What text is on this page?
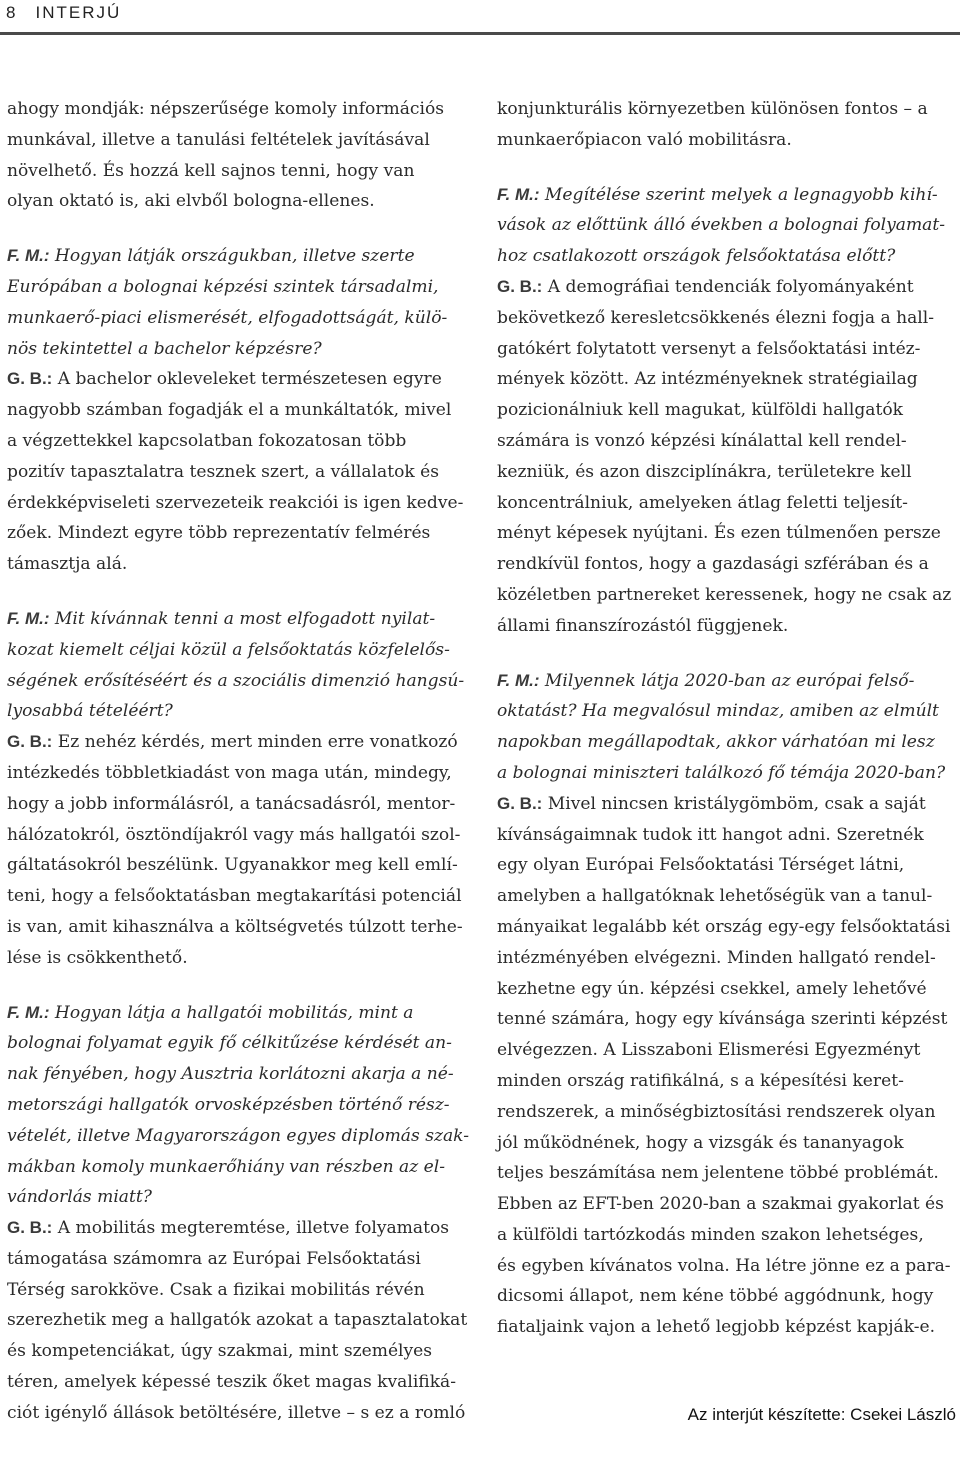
8 INTERJÚ
ahogy mondják: népszerűsége komoly információs
munkával, illetve a tanulási feltételek javításával
növelhető. És hozzá kell sajnos tenni, hogy van
olyan oktató is, aki elvből bologna-ellenes.
F. M.: Hogyan látják országukban, illetve szerte
Európában a bolognai képzési szintek társadalmi,
munkaerő-piaci elismerését, elfogadottságát, külö-
nös tekintettel a bachelor képzésre?
G. B.: A bachelor okleveleket természetesen egyre
nagyobb számban fogadják el a munkáltatók, mivel
a végzettekkel kapcsolatban fokozatosan több
pozitív tapasztalatra tesznek szert, a vállalatok és
érdekképviseleti szervezeteik reakciói is igen kedve-
zőek. Mindezt egyre több reprezentatív felmérés
támasztja alá.
F. M.: Mit kívánnak tenni a most elfogadott nyilat-
kozat kiemelt céljai közül a felsőoktatás közfelelős-
ségének erősítéséért és a szociális dimenzió hangsú-
lyosabbá tételéért?
G. B.: Ez nehéz kérdés, mert minden erre vonatkozó
intézkedés többletkiadást von maga után, mindegy,
hogy a jobb informálásról, a tanácsadásról, mentor-
hálózatokról, ösztöndíjakról vagy más hallgatói szol-
gáltatásokról beszélünk. Ugyanakkor meg kell emlí-
teni, hogy a felsőoktatásban megtakarítási potenciál
is van, amit kihasználva a költségvetés túlzott terhe-
lése is csökkenthető.
F. M.: Hogyan látja a hallgatói mobilitás, mint a
bolognai folyamat egyik fő célkitűzése kérdését an-
nak fényében, hogy Ausztria korlátozni akarja a né-
metországi hallgatók orvosképzésben történő rész-
vételét, illetve Magyarországon egyes diplomás szak-
mákban komoly munkaerőhiány van részben az el-
vándorlás miatt?
G. B.: A mobilitás megteremtése, illetve folyamatos
támogatása számomra az Európai Felsőoktatási
Térség sarokköve. Csak a fizikai mobilitás révén
szerezhetik meg a hallgatók azokat a tapasztalatokat
és kompetenciákat, úgy szakmai, mint személyes
téren, amelyek képessé teszik őket magas kvalifiká-
ciót igénylő állások betöltésére, illetve – s ez a romló
konjunkturális környezetben különösen fontos – a
munkaerőpiacon való mobilitásra.
F. M.: Megítélése szerint melyek a legnagyobb kihí-
vások az előttünk álló években a bolognai folyamat-
hoz csatlakozott országok felsőoktatása előtt?
G. B.: A demográfiai tendenciák folyományaként
bekövetkező keresletcsökkenés élezni fogja a hall-
gatókért folytatott versenyt a felsőoktatási intéz-
mények között. Az intézményeknek stratégiailag
pozicionálniuk kell magukat, külföldi hallgatók
számára is vonzó képzési kínálattal kell rendel-
kezniük, és azon diszciplínákra, területekre kell
koncentrálniuk, amelyeken átlag feletti teljesít-
ményt képesek nyújtani. És ezen túlmenően persze
rendkívül fontos, hogy a gazdasági szférában és a
közéletben partnereket keressenek, hogy ne csak az
állami finanszírozástól függjenek.
F. M.: Milyennek látja 2020-ban az európai felső-
oktatást? Ha megvalósul mindaz, amiben az elmúlt
napokban megállapodtak, akkor várhatóan mi lesz
a bolognai miniszteri találkozó fő témája 2020-ban?
G. B.: Mivel nincsen kristálygömböm, csak a saját
kívánságaimnak tudok itt hangot adni. Szeretnék
egy olyan Európai Felsőoktatási Térséget látni,
amelyben a hallgatóknak lehetőségük van a tanul-
mányaikat legalább két ország egy-egy felsőoktatási
intézményében elvégezni. Minden hallgató rendel-
kezhetne egy ún. képzési csekkel, amely lehetővé
tenné számára, hogy egy kívánsága szerinti képzést
elvégezzen. A Lisszaboni Elismerési Egyezményt
minden ország ratifikálná, s a képesítési keret-
rendszerek, a minőségbiztosítási rendszerek olyan
jól működnének, hogy a vizsgák és tananyagok
teljes beszámítása nem jelentene többé problémát.
Ebben az EFT-ben 2020-ban a szakmai gyakorlat és
a külföldi tartózkodás minden szakon lehetséges,
és egyben kívánatos volna. Ha létre jönne ez a para-
dicsomi állapot, nem kéne többé aggódnunk, hogy
fiataljaink vajon a lehető legjobb képzést kapják-e.
Az interjút készítette: Csekei László
